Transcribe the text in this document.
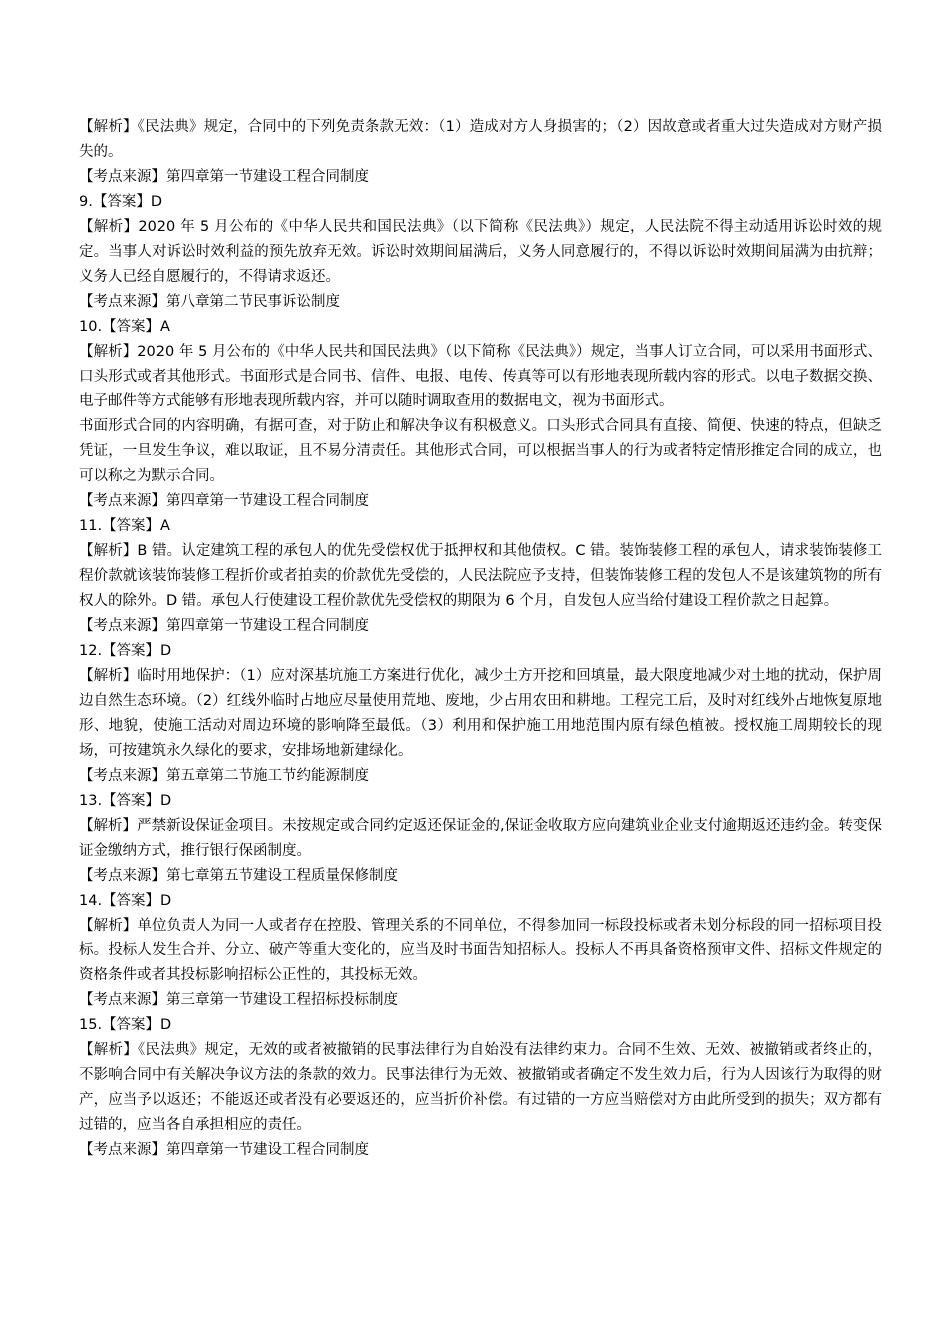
【解析】《民法典》规定，合同中的下列免责条款无效：（1）造成对方人身损害的；（2）因故意或者重大过失造成对方财产损失的。

【考点来源】第四章第一节建设工程合同制度

9.【答案】D

【解析】2020 年 5 月公布的《中华人民共和国民法典》（以下简称《民法典》）规定，人民法院不得主动适用诉讼时效的规定。当事人对诉讼时效利益的预先放弃无效。诉讼时效期间届满后，义务人同意履行的，不得以诉讼时效期间届满为由抗辩；义务人已经自愿履行的，不得请求返还。

【考点来源】第八章第二节民事诉讼制度

10.【答案】A

【解析】2020 年 5 月公布的《中华人民共和国民法典》（以下简称《民法典》）规定，当事人订立合同，可以采用书面形式、口头形式或者其他形式。书面形式是合同书、信件、电报、电传、传真等可以有形地表现所载内容的形式。以电子数据交换、电子邮件等方式能够有形地表现所载内容，并可以随时调取查用的数据电文，视为书面形式。

书面形式合同的内容明确，有据可查，对于防止和解决争议有积极意义。口头形式合同具有直接、简便、快速的特点，但缺乏凭证，一旦发生争议，难以取证，且不易分清责任。其他形式合同，可以根据当事人的行为或者特定情形推定合同的成立，也可以称之为默示合同。

【考点来源】第四章第一节建设工程合同制度

11.【答案】A

【解析】B 错。认定建筑工程的承包人的优先受偿权优于抵押权和其他债权。C 错。装饰装修工程的承包人，请求装饰装修工程价款就该装饰装修工程折价或者拍卖的价款优先受偿的，人民法院应予支持，但装饰装修工程的发包人不是该建筑物的所有权人的除外。D 错。承包人行使建设工程价款优先受偿权的期限为 6 个月，自发包人应当给付建设工程价款之日起算。

【考点来源】第四章第一节建设工程合同制度

12.【答案】D

【解析】临时用地保护：（1）应对深基坑施工方案进行优化，减少土方开挖和回填量，最大限度地减少对土地的扰动，保护周边自然生态环境。（2）红线外临时占地应尽量使用荒地、废地，少占用农田和耕地。工程完工后，及时对红线外占地恢复原地形、地貌，使施工活动对周边环境的影响降至最低。（3）利用和保护施工用地范围内原有绿色植被。授权施工周期较长的现场，可按建筑永久绿化的要求，安排场地新建绿化。

【考点来源】第五章第二节施工节约能源制度

13.【答案】D

【解析】严禁新设保证金项目。未按规定或合同约定返还保证金的,保证金收取方应向建筑业企业支付逾期返还违约金。转变保证金缴纳方式，推行银行保函制度。

【考点来源】第七章第五节建设工程质量保修制度

14.【答案】D

【解析】单位负责人为同一人或者存在控股、管理关系的不同单位，不得参加同一标段投标或者未划分标段的同一招标项目投标。投标人发生合并、分立、破产等重大变化的，应当及时书面告知招标人。投标人不再具备资格预审文件、招标文件规定的资格条件或者其投标影响招标公正性的，其投标无效。

【考点来源】第三章第一节建设工程招标投标制度

15.【答案】D

【解析】《民法典》规定，无效的或者被撤销的民事法律行为自始没有法律约束力。合同不生效、无效、被撤销或者终止的，不影响合同中有关解决争议方法的条款的效力。民事法律行为无效、被撤销或者确定不发生效力后，行为人因该行为取得的财产，应当予以返还；不能返还或者没有必要返还的，应当折价补偿。有过错的一方应当赔偿对方由此所受到的损失；双方都有过错的，应当各自承担相应的责任。

【考点来源】第四章第一节建设工程合同制度
